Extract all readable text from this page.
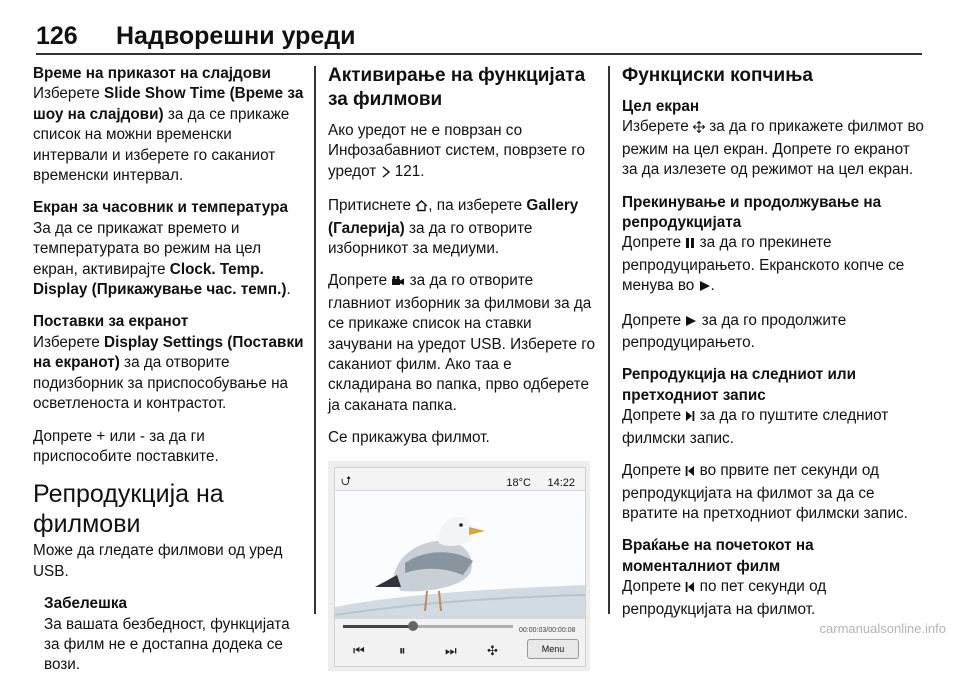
126 Надворешни уреди
Време на приказот на слајдови

Изберете Slide Show Time (Време за шоу на слајдови) за да се прикаже список на можни временски интервали и изберете го саканиот временски интервал.

Екран за часовник и температура

За да се прикажат времето и температурата во режим на цел екран, активирајте Clock. Temp. Display (Прикажување час. темп.).

Поставки за екранот

Изберете Display Settings (Поставки на екранот) за да отворите подизборник за приспособување на осветленоста и контрастот.

Допрете + или - за да ги приспособите поставките.

Репродукција на филмови

Може да гледате филмови од уред USB.

Забелешка
За вашата безбедност, функцијата за филм не е достапна додека се вози.
Активирање на функцијата за филмови

Ако уредот не е поврзан со Инфозабавниот систем, поврзете го уредот  121.

Притиснете , па изберете Gallery (Галерија) за да го отворите изборникот за медиуми.

Допрете  за да го отворите главниот изборник за филмови за да се прикаже список на ставки зачувани на уредот USB. Изберете го саканиот филм. Ако таа е складирана во папка, прво одберете ја саканата папка.

Се прикажува филмот.

⮍	18°C 14:22
00:00:03/00:00:08
⏮	⏸	⏭ ✣	Menu
Функциски копчиња
Цел екран

Изберете  за да го прикажете филмот во режим на цел екран. Допрете го екранот за да излезете од режимот на цел екран.

Прекинување и продолжување на репродукцијата

Допрете  за да го прекинете репродуцирањето. Екранското копче се менува во .

Допрете  за да го продолжите репродуцирањето.

Репродукција на следниот или претходниот запис

Допрете  за да го пуштите следниот филмски запис.

Допрете  во првите пет секунди од репродукцијата на филмот за да се вратите на претходниот филмски запис.

Враќање на почетокот на моменталниот филм

Допрете  по пет секунди од репродукцијата на филмот.

carmanualsonline.info
